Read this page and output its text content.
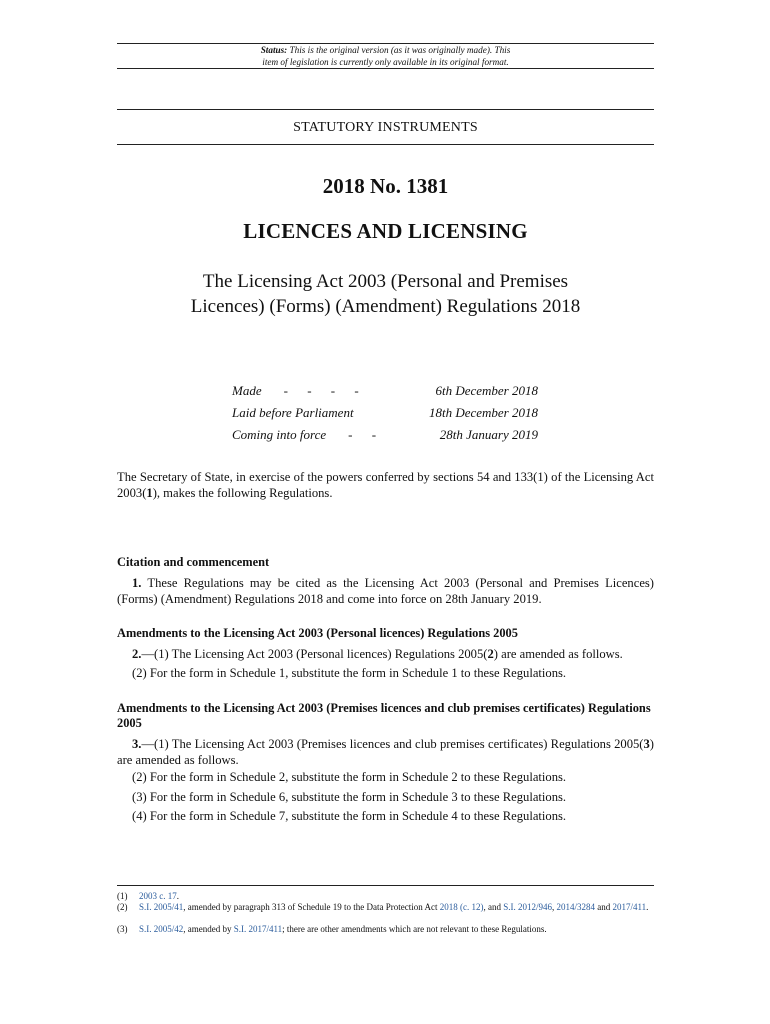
Status: This is the original version (as it was originally made). This
item of legislation is currently only available in its original format.
STATUTORY INSTRUMENTS
2018 No. 1381
LICENCES AND LICENSING
The Licensing Act 2003 (Personal and Premises
Licences) (Forms) (Amendment) Regulations 2018
Made - - - -	6th December 2018
Laid before Parliament	18th December 2018
Coming into force - -	28th January 2019
The Secretary of State, in exercise of the powers conferred by sections 54 and 133(1) of the Licensing Act 2003(1), makes the following Regulations.
Citation and commencement
1. These Regulations may be cited as the Licensing Act 2003 (Personal and Premises Licences) (Forms) (Amendment) Regulations 2018 and come into force on 28th January 2019.
Amendments to the Licensing Act 2003 (Personal licences) Regulations 2005
2.—(1) The Licensing Act 2003 (Personal licences) Regulations 2005(2) are amended as follows.
(2) For the form in Schedule 1, substitute the form in Schedule 1 to these Regulations.
Amendments to the Licensing Act 2003 (Premises licences and club premises certificates) Regulations 2005
3.—(1) The Licensing Act 2003 (Premises licences and club premises certificates) Regulations 2005(3) are amended as follows.
(2) For the form in Schedule 2, substitute the form in Schedule 2 to these Regulations.
(3) For the form in Schedule 6, substitute the form in Schedule 3 to these Regulations.
(4) For the form in Schedule 7, substitute the form in Schedule 4 to these Regulations.
(1)	2003 c. 17.
(2)	S.I. 2005/41, amended by paragraph 313 of Schedule 19 to the Data Protection Act 2018 (c. 12), and S.I. 2012/946, 2014/3284 and 2017/411.
(3)	S.I. 2005/42, amended by S.I. 2017/411; there are other amendments which are not relevant to these Regulations.
